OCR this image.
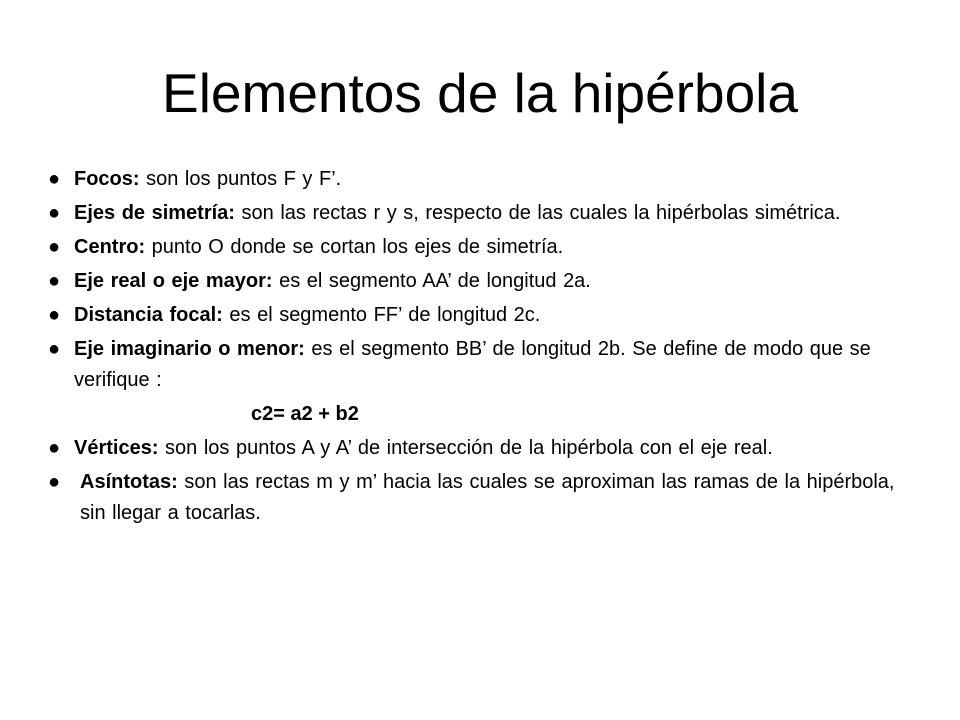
Elementos de la hipérbola
● Focos: son los puntos F y F’.
● Ejes de simetría: son las rectas r y s, respecto de las cuales la hipérbolas simétrica.
● Centro: punto O donde se cortan los ejes de simetría.
● Eje real o eje mayor: es el segmento AA’ de longitud 2a.
● Distancia focal: es el segmento FF’ de longitud 2c.
● Eje imaginario o menor: es el segmento BB’ de longitud 2b. Se define de modo que se verifique :
c2= a2 + b2
● Vértices: son los puntos A y A’ de intersección de la hipérbola con el eje real.
● Asíntotas: son las rectas m y m’ hacia las cuales se aproximan las ramas de la hipérbola, sin llegar a tocarlas.
